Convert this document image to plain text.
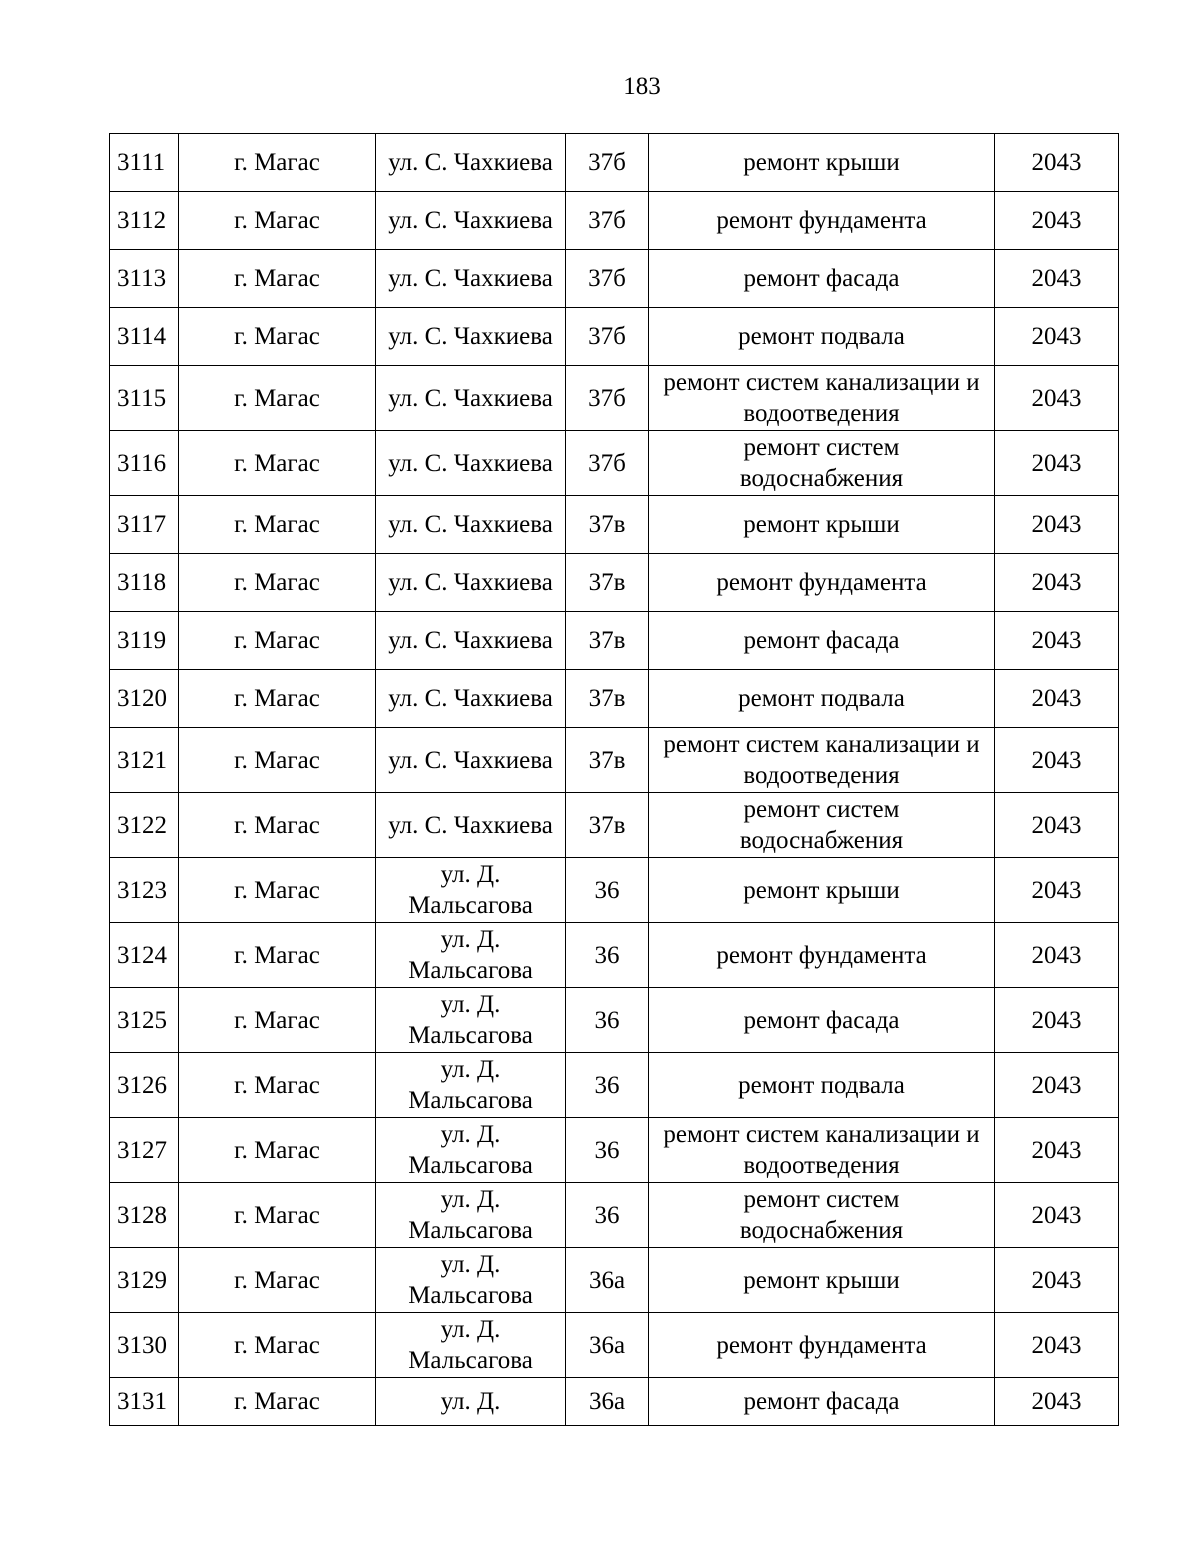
183
3111	г. Магас	ул. С. Чахкиева	37б	ремонт крыши	2043
3112	г. Магас	ул. С. Чахкиева	37б	ремонт фундамента	2043
3113	г. Магас	ул. С. Чахкиева	37б	ремонт фасада	2043
3114	г. Магас	ул. С. Чахкиева	37б	ремонт подвала	2043
3115	г. Магас	ул. С. Чахкиева	37б	ремонт систем канализации и водоотведения	2043
3116	г. Магас	ул. С. Чахкиева	37б	ремонт систем водоснабжения	2043
3117	г. Магас	ул. С. Чахкиева	37в	ремонт крыши	2043
3118	г. Магас	ул. С. Чахкиева	37в	ремонт фундамента	2043
3119	г. Магас	ул. С. Чахкиева	37в	ремонт фасада	2043
3120	г. Магас	ул. С. Чахкиева	37в	ремонт подвала	2043
3121	г. Магас	ул. С. Чахкиева	37в	ремонт систем канализации и водоотведения	2043
3122	г. Магас	ул. С. Чахкиева	37в	ремонт систем водоснабжения	2043
3123	г. Магас	ул. Д. Мальсагова	36	ремонт крыши	2043
3124	г. Магас	ул. Д. Мальсагова	36	ремонт фундамента	2043
3125	г. Магас	ул. Д. Мальсагова	36	ремонт фасада	2043
3126	г. Магас	ул. Д. Мальсагова	36	ремонт подвала	2043
3127	г. Магас	ул. Д. Мальсагова	36	ремонт систем канализации и водоотведения	2043
3128	г. Магас	ул. Д. Мальсагова	36	ремонт систем водоснабжения	2043
3129	г. Магас	ул. Д. Мальсагова	36а	ремонт крыши	2043
3130	г. Магас	ул. Д. Мальсагова	36а	ремонт фундамента	2043
3131	г. Магас	ул. Д.	36а	ремонт фасада	2043
